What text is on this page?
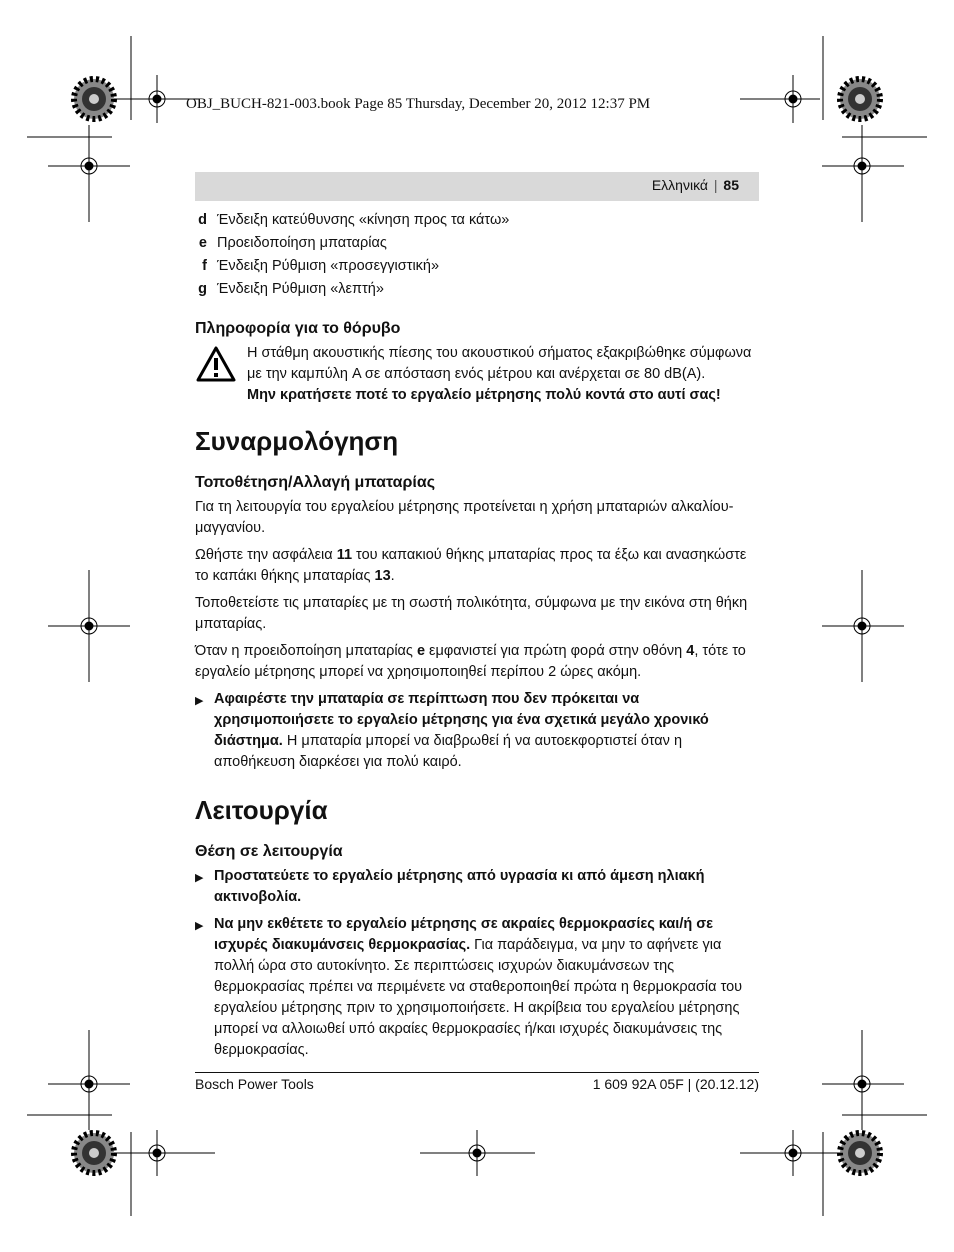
OBJ_BUCH-821-003.book Page 85 Thursday, December 20, 2012 12:37 PM
Ελληνικά | 85
d Ένδειξη κατεύθυνσης «κίνηση προς τα κάτω»
e Προειδοποίηση μπαταρίας
f Ένδειξη Ρύθμιση «προσεγγιστική»
g Ένδειξη Ρύθμιση «λεπτή»
Πληροφορία για το θόρυβο
Η στάθμη ακουστικής πίεσης του ακουστικού σήματος εξακριβώθηκε σύμφωνα με την καμπύλη A σε απόσταση ενός μέτρου και ανέρχεται σε 80 dB(A).
Μην κρατήσετε ποτέ το εργαλείο μέτρησης πολύ κοντά στο αυτί σας!
Συναρμολόγηση
Τοποθέτηση/Αλλαγή μπαταρίας

Για τη λειτουργία του εργαλείου μέτρησης προτείνεται η χρήση μπαταριών αλκαλίου-μαγγανίου.

Ωθήστε την ασφάλεια 11 του καπακιού θήκης μπαταρίας προς τα έξω και ανασηκώστε το καπάκι θήκης μπαταρίας 13.

Τοποθετείστε τις μπαταρίες με τη σωστή πολικότητα, σύμφωνα με την εικόνα στη θήκη μπαταρίας.

Όταν η προειδοποίηση μπαταρίας e εμφανιστεί για πρώτη φορά στην οθόνη 4, τότε το εργαλείο μέτρησης μπορεί να χρησιμοποιηθεί περίπου 2 ώρες ακόμη.

▶ Αφαιρέστε την μπαταρία σε περίπτωση που δεν πρόκειται να χρησιμοποιήσετε το εργαλείο μέτρησης για ένα σχετικά μεγάλο χρονικό διάστημα. Η μπαταρία μπορεί να διαβρωθεί ή να αυτοεκφορτιστεί όταν η αποθήκευση διαρκέσει για πολύ καιρό.
Λειτουργία
Θέση σε λειτουργία
▶ Προστατεύετε το εργαλείο μέτρησης από υγρασία κι από άμεση ηλιακή ακτινοβολία.
▶ Να μην εκθέτετε το εργαλείο μέτρησης σε ακραίες θερμοκρασίες και/ή σε ισχυρές διακυμάνσεις θερμοκρασίας. Για παράδειγμα, να μην το αφήνετε για πολλή ώρα στο αυτοκίνητο. Σε περιπτώσεις ισχυρών διακυμάνσεων της θερμοκρασίας πρέπει να περιμένετε να σταθεροποιηθεί πρώτα η θερμοκρασία του εργαλείου μέτρησης πριν το χρησιμοποιήσετε. Η ακρίβεια του εργαλείου μέτρησης μπορεί να αλλοιωθεί υπό ακραίες θερμοκρασίες ή/και ισχυρές διακυμάνσεις της θερμοκρασίας.
Bosch Power Tools	1 609 92A 05F | (20.12.12)
